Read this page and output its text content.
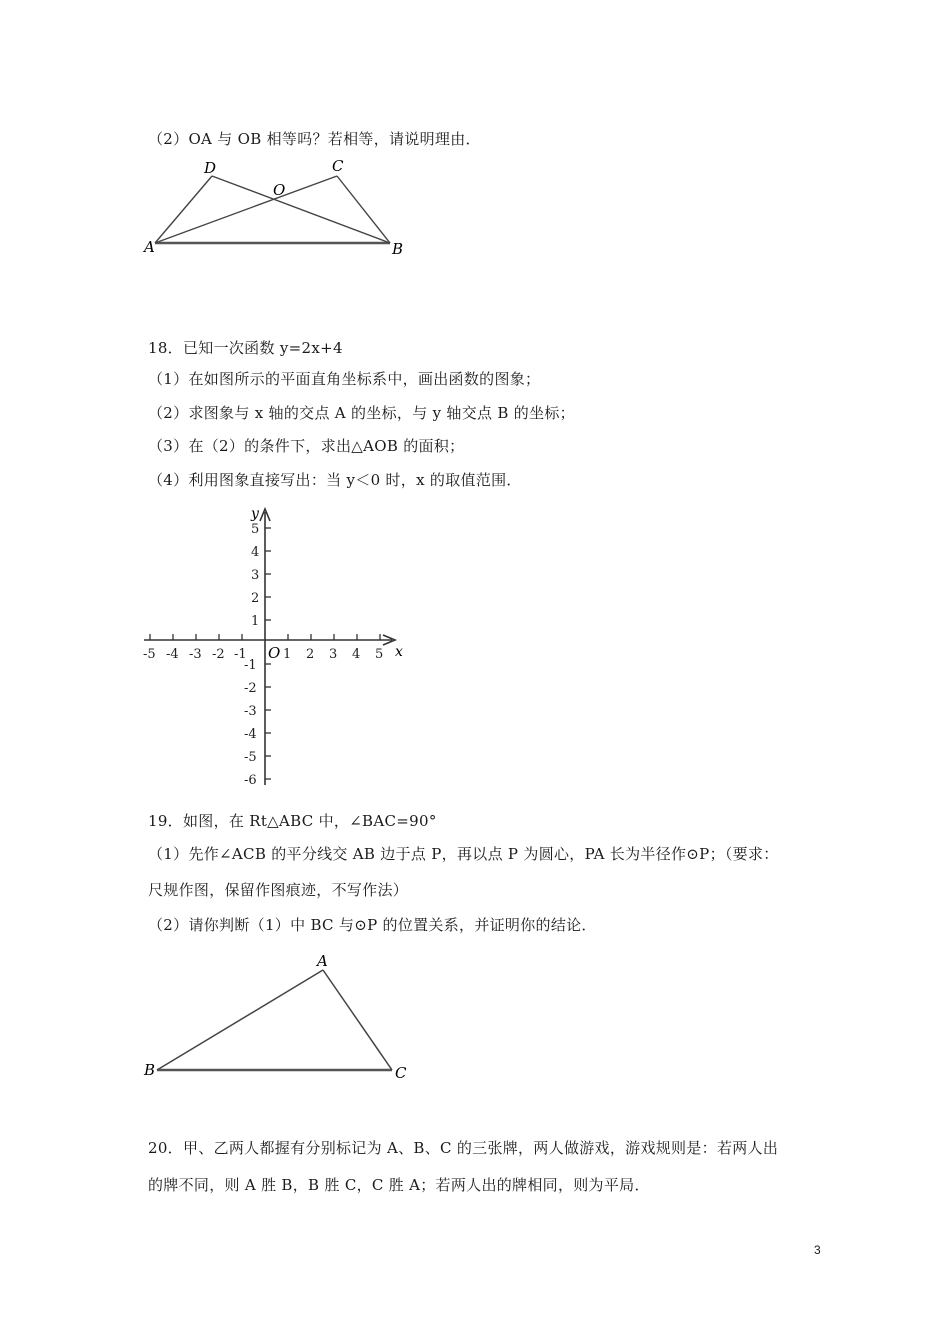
（2）OA 与 OB 相等吗？若相等，请说明理由．
D	C
O
A	B
18．已知一次函数 y=2x+4
（1）在如图所示的平面直角坐标系中，画出函数的图象；
（2）求图象与 x 轴的交点 A 的坐标，与 y 轴交点 B 的坐标；
（3）在（2）的条件下，求出△AOB 的面积；
（4）利用图象直接写出：当 y＜0 时，x 的取值范围．
-5 -4 -3 -2 -1	1 2 3 4 5
5
4
3
2
1
-1
-2
-3
-4
-5
-6
O	x
y
19．如图，在 Rt△ABC 中，∠BAC=90°
（1）先作∠ACB 的平分线交 AB 边于点 P，再以点 P 为圆心，PA 长为半径作⊙P；（要求：
尺规作图，保留作图痕迹，不写作法）
（2）请你判断（1）中 BC 与⊙P 的位置关系，并证明你的结论．
A
B	C
20．甲、乙两人都握有分别标记为 A、B、C 的三张牌，两人做游戏，游戏规则是：若两人出
的牌不同，则 A 胜 B，B 胜 C，C 胜 A；若两人出的牌相同，则为平局．
3
